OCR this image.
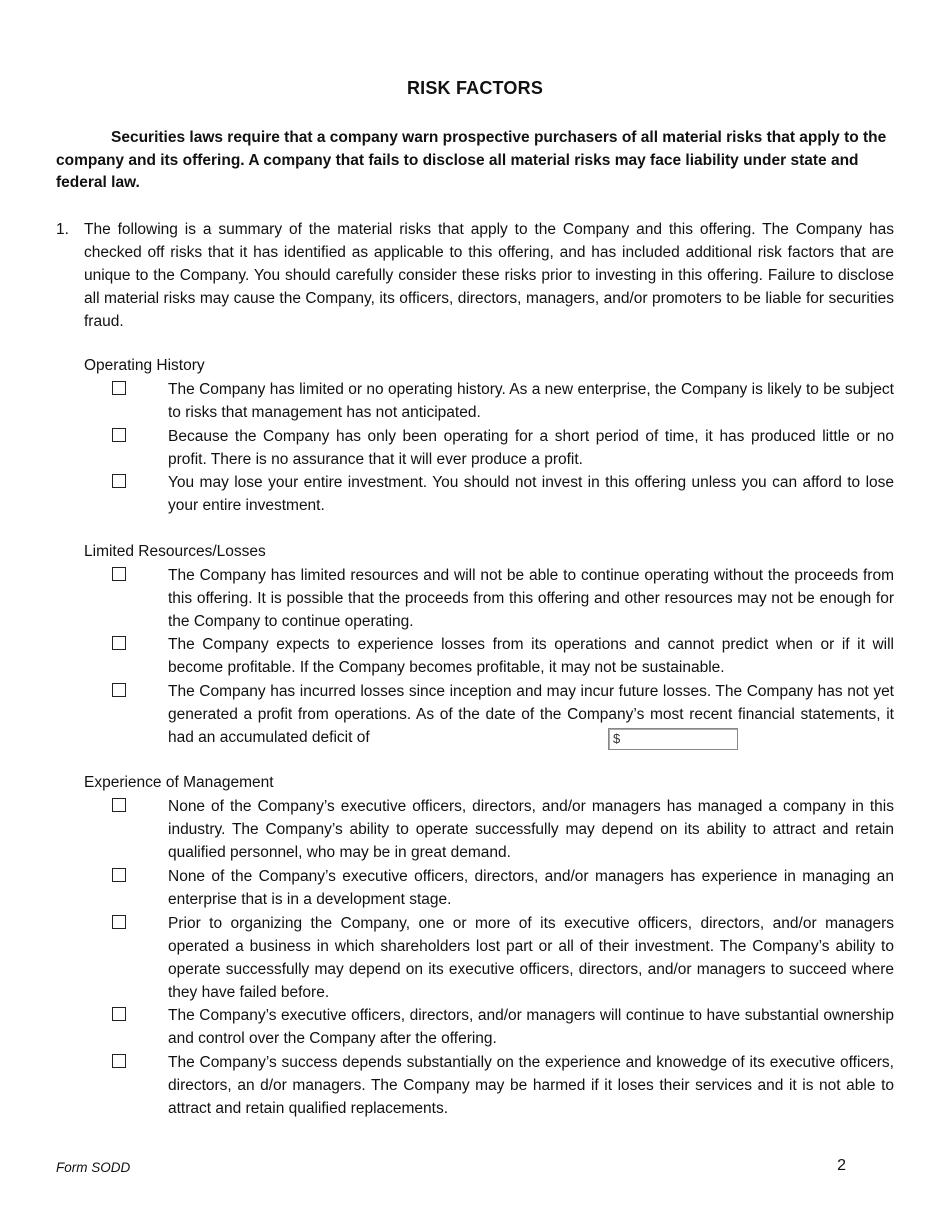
RISK FACTORS
Securities laws require that a company warn prospective purchasers of all material risks that apply to the company and its offering. A company that fails to disclose all material risks may face liability under state and federal law.
1. The following is a summary of the material risks that apply to the Company and this offering. The Company has checked off risks that it has identified as applicable to this offering, and has included additional risk factors that are unique to the Company. You should carefully consider these risks prior to investing in this offering. Failure to disclose all material risks may cause the Company, its officers, directors, managers, and/or promoters to be liable for securities fraud.
Operating History
The Company has limited or no operating history. As a new enterprise, the Company is likely to be subject to risks that management has not anticipated.
Because the Company has only been operating for a short period of time, it has produced little or no profit. There is no assurance that it will ever produce a profit.
You may lose your entire investment. You should not invest in this offering unless you can afford to lose your entire investment.
Limited Resources/Losses
The Company has limited resources and will not be able to continue operating without the proceeds from this offering. It is possible that the proceeds from this offering and other resources may not be enough for the Company to continue operating.
The Company expects to experience losses from its operations and cannot predict when or if it will become profitable. If the Company becomes profitable, it may not be sustainable.
The Company has incurred losses since inception and may incur future losses. The Company has not yet generated a profit from operations. As of the date of the Company’s most recent financial statements, it had an accumulated deficit of	$
Experience of Management
None of the Company’s executive officers, directors, and/or managers has managed a company in this industry. The Company’s ability to operate successfully may depend on its ability to attract and retain qualified personnel, who may be in great demand.
None of the Company’s executive officers, directors, and/or managers has experience in managing an enterprise that is in a development stage.
Prior to organizing the Company, one or more of its executive officers, directors, and/or managers operated a business in which shareholders lost part or all of their investment. The Company’s ability to operate successfully may depend on its executive officers, directors, and/or managers to succeed where they have failed before.
The Company’s executive officers, directors, and/or managers will continue to have substantial ownership and control over the Company after the offering.
The Company’s success depends substantially on the experience and knowedge of its executive officers, directors, an d/or managers. The Company may be harmed if it loses their services and it is not able to attract and retain qualified replacements.
Form SODD	2
